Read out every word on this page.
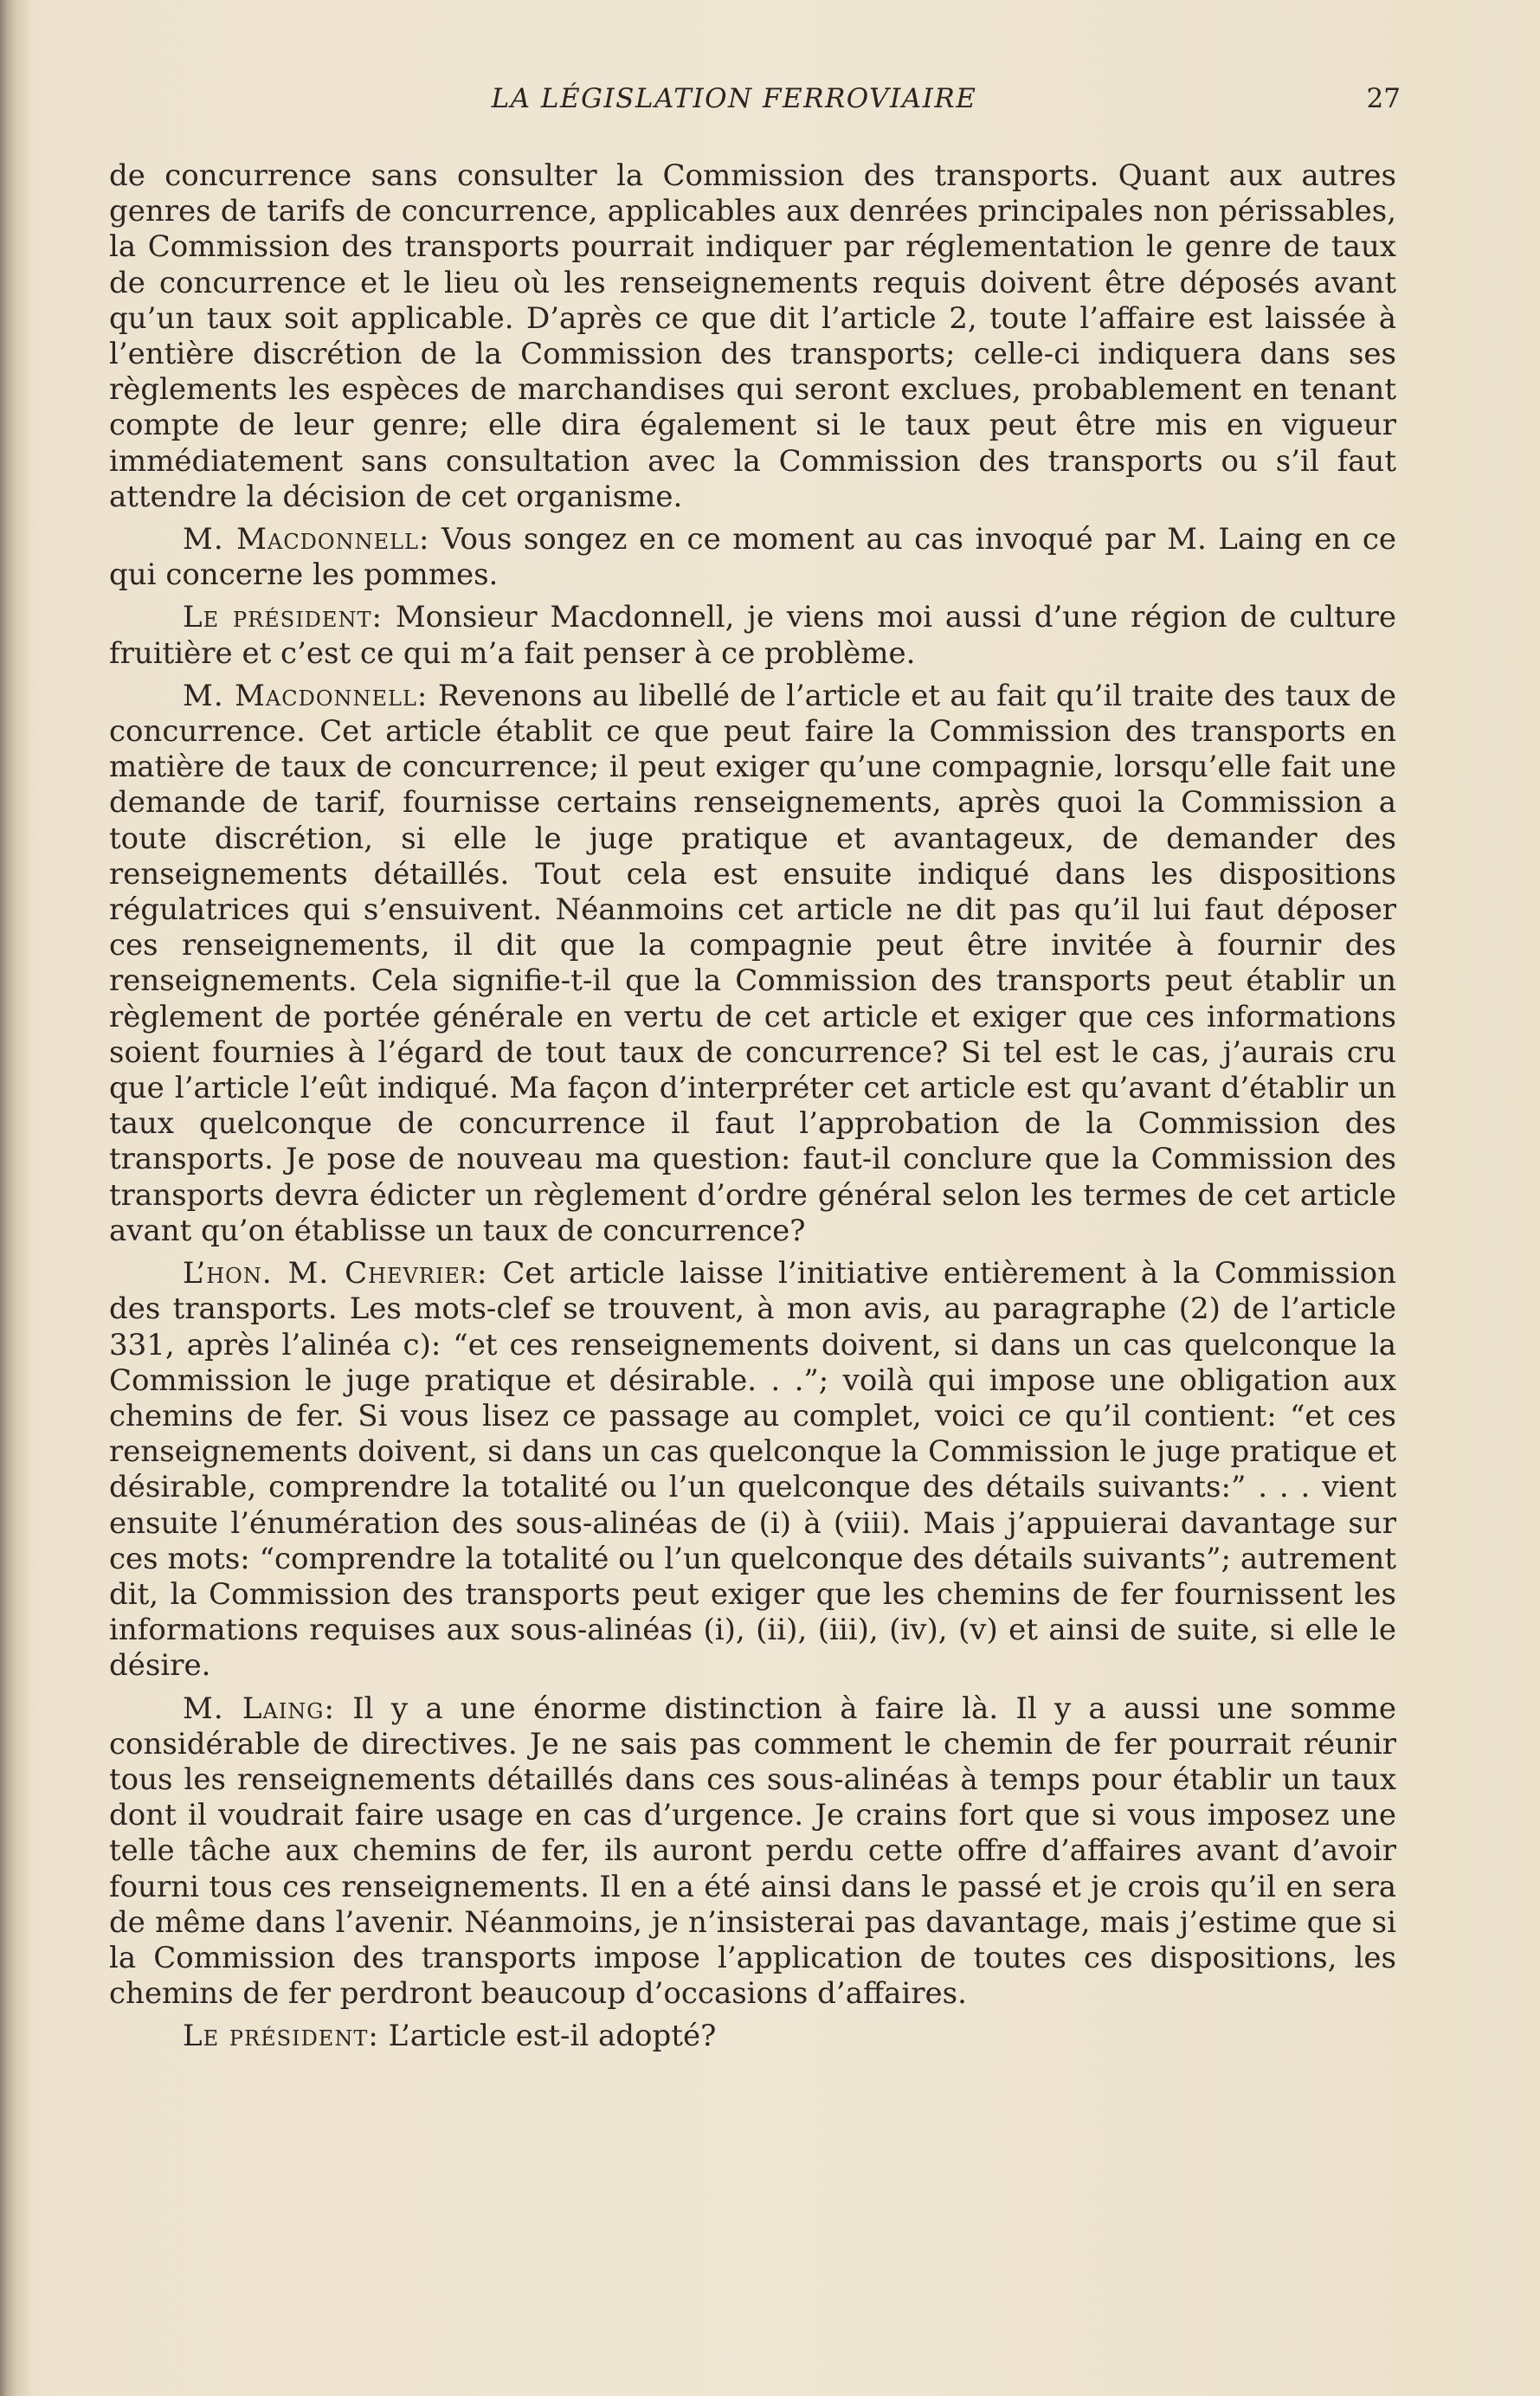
LA LÉGISLATION FERROVIAIRE	27

de concurrence sans consulter la Commission des transports. Quant aux autres genres de tarifs de concurrence, applicables aux denrées principales non périssables, la Commission des transports pourrait indiquer par réglementation le genre de taux de concurrence et le lieu où les renseignements requis doivent être déposés avant qu’un taux soit applicable. D’après ce que dit l’article 2, toute l’affaire est laissée à l’entière discrétion de la Commission des transports; celle-ci indiquera dans ses règlements les espèces de marchandises qui seront exclues, probablement en tenant compte de leur genre; elle dira également si le taux peut être mis en vigueur immédiatement sans consultation avec la Commission des transports ou s’il faut attendre la décision de cet organisme.

M. Macdonnell: Vous songez en ce moment au cas invoqué par M. Laing en ce qui concerne les pommes.

Le président: Monsieur Macdonnell, je viens moi aussi d’une région de culture fruitière et c’est ce qui m’a fait penser à ce problème.

M. Macdonnell: Revenons au libellé de l’article et au fait qu’il traite des taux de concurrence. Cet article établit ce que peut faire la Commission des transports en matière de taux de concurrence; il peut exiger qu’une compagnie, lorsqu’elle fait une demande de tarif, fournisse certains renseignements, après quoi la Commission a toute discrétion, si elle le juge pratique et avantageux, de demander des renseignements détaillés. Tout cela est ensuite indiqué dans les dispositions régulatrices qui s’ensuivent. Néanmoins cet article ne dit pas qu’il lui faut déposer ces renseignements, il dit que la compagnie peut être invitée à fournir des renseignements. Cela signifie-t-il que la Commission des transports peut établir un règlement de portée générale en vertu de cet article et exiger que ces informations soient fournies à l’égard de tout taux de concurrence? Si tel est le cas, j’aurais cru que l’article l’eût indiqué. Ma façon d’interpréter cet article est qu’avant d’établir un taux quelconque de concurrence il faut l’approbation de la Commission des transports. Je pose de nouveau ma question: faut-il conclure que la Commission des transports devra édicter un règlement d’ordre général selon les termes de cet article avant qu’on établisse un taux de concurrence?

L’hon. M. Chevrier: Cet article laisse l’initiative entièrement à la Commission des transports. Les mots-clef se trouvent, à mon avis, au paragraphe (2) de l’article 331, après l’alinéa c): “et ces renseignements doivent, si dans un cas quelconque la Commission le juge pratique et désirable. . .”; voilà qui impose une obligation aux chemins de fer. Si vous lisez ce passage au complet, voici ce qu’il contient: “et ces renseignements doivent, si dans un cas quelconque la Commission le juge pratique et désirable, comprendre la totalité ou l’un quelconque des détails suivants:” . . . vient ensuite l’énumération des sous-alinéas de (i) à (viii). Mais j’appuierai davantage sur ces mots: “comprendre la totalité ou l’un quelconque des détails suivants”; autrement dit, la Commission des transports peut exiger que les chemins de fer fournissent les informations requises aux sous-alinéas (i), (ii), (iii), (iv), (v) et ainsi de suite, si elle le désire.

M. Laing: Il y a une énorme distinction à faire là. Il y a aussi une somme considérable de directives. Je ne sais pas comment le chemin de fer pourrait réunir tous les renseignements détaillés dans ces sous-alinéas à temps pour établir un taux dont il voudrait faire usage en cas d’urgence. Je crains fort que si vous imposez une telle tâche aux chemins de fer, ils auront perdu cette offre d’affaires avant d’avoir fourni tous ces renseignements. Il en a été ainsi dans le passé et je crois qu’il en sera de même dans l’avenir. Néanmoins, je n’insisterai pas davantage, mais j’estime que si la Commission des transports impose l’application de toutes ces dispositions, les chemins de fer perdront beaucoup d’occasions d’affaires.

Le président: L’article est-il adopté?
